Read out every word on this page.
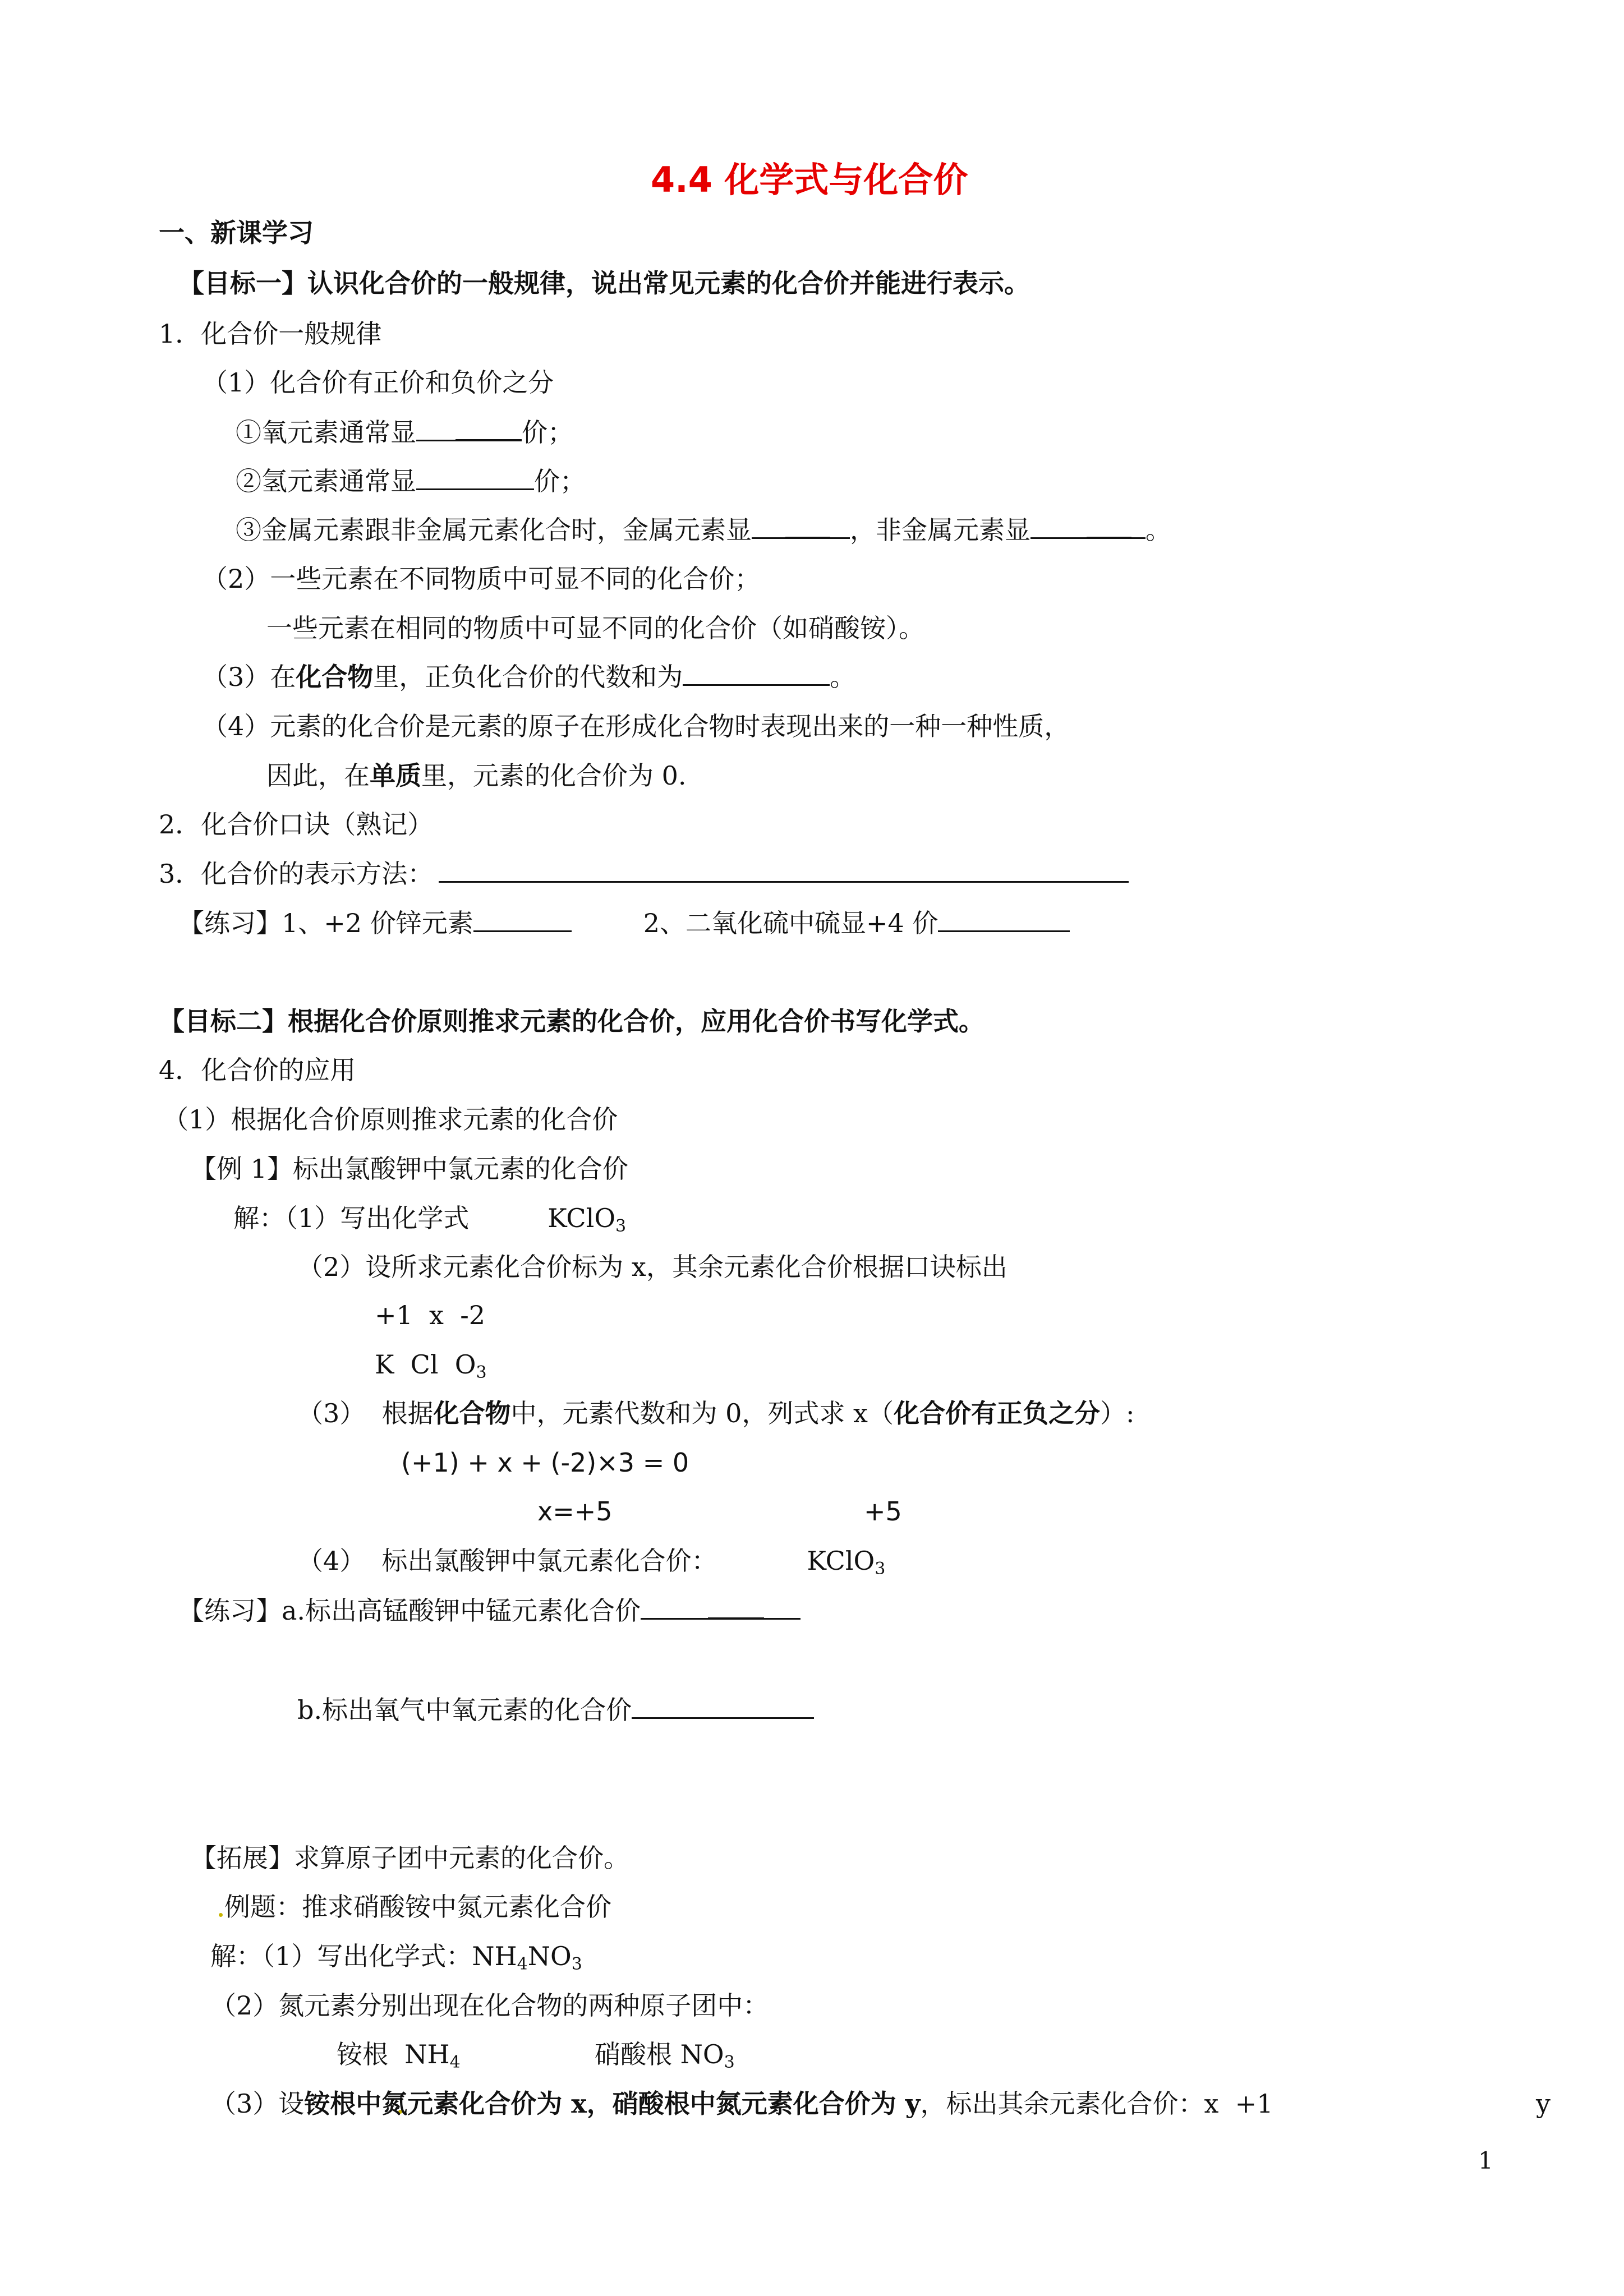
4.4 化学式与化合价
一、新课学习
【目标一】认识化合价的一般规律，说出常见元素的化合价并能进行表示。
1．化合价一般规律
（1）化合价有正价和负价之分
①氧元素通常显	价；
②氢元素通常显	价；
③金属元素跟非金属元素化合时，金属元素显	，非金属元素显	。
（2）一些元素在不同物质中可显不同的化合价；
一些元素在相同的物质中可显不同的化合价（如硝酸铵）。
（3）在化合物里，正负化合价的代数和为	。
（4）元素的化合价是元素的原子在形成化合物时表现出来的一种一种性质，
因此，在单质里，元素的化合价为 0.
2．化合价口诀（熟记）
3．化合价的表示方法：
【练习】1、+2 价锌元素	2、二氧化硫中硫显+4 价
【目标二】根据化合价原则推求元素的化合价，应用化合价书写化学式。
4．化合价的应用
（1）根据化合价原则推求元素的化合价
【例 1】标出氯酸钾中氯元素的化合价
解：（1）写出化学式	KClO$_3$
（2）设所求元素化合价标为 x，其余元素化合价根据口诀标出
+1  x  -2
K  Cl  $O_3$
（3）  根据化合物中，元素代数和为 0，列式求 x（化合价有正负之分）:
(+1) + x + (-2)×3 = 0
x=+5	+5
（4）  标出氯酸钾中氯元素化合价：	KClO$_3$
【练习】a.标出高锰酸钾中锰元素化合价
b.标出氧气中氧元素的化合价
【拓展】求算原子团中元素的化合价。
例题：推求硝酸铵中氮元素化合价
解：（1）写出化学式：$NH_4NO_3$
（2）氮元素分别出现在化合物的两种原子团中：
铵根  $NH_4$	硝酸根 $NO_3$
（3）设铵根中氮元素化合价为 x，硝酸根中氮元素化合价为 y，标出其余元素化合价：x  +1	y
1
